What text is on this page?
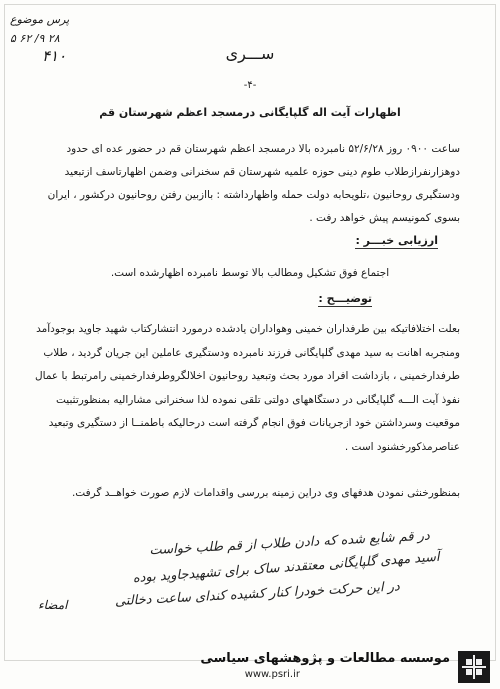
پرس موضوع ۲۸ ۹/ ۶۲ ۵
۴۱۰	ســـری
-۴-
اظهارات آیت اله گلپایگانی درمسجد اعظم شهرستان قم
ساعت ۰۹۰۰ روز ۵۲/۶/۲۸ نامبرده بالا درمسجد اعظم شهرستان قم در حضور عده ای حدود دوهزارنفرازطلاب طوم دینی حوزه علمیه شهرستان قم سخنرانی وضمن اظهارتاسف ازتبعید ودستگیری روحانیون ،تلویحابه دولت حمله واظهارداشته : باازبین رفتن روحانیون درکشور ، ایران بسوی کمونیسم پیش خواهد رفت .
ارزیابی خبـــر :
اجتماع فوق تشکیل ومطالب بالا توسط نامبرده اظهارشده است.
توضیـــح :
بعلت اختلافاتیکه بین طرفداران خمینی وهواداران یادشده درمورد انتشارکتاب شهید جاوید بوجودآمد ومنجربه اهانت به سید مهدی گلپایگانی فرزند نامبرده ودستگیری عاملین این جریان گردید ، طلاب طرفدارخمینی ، بازداشت افراد مورد بحث وتبعید روحانیون اخلالگروطرفدارخمینی رامرتبط با عمال نفوذ آیت الـــه گلپایگانی در دستگاههای دولتی تلقی نموده لذا سخنرانی مشارالیه بمنظورتثبیت موقعیت وسرداشتن خود ازجریانات فوق انجام گرفته است درحالیکه باطمنــا از دستگیری وتبعید عناصرمذکورخشنود است .
بمنظورخنثی نمودن هدفهای وی دراین زمینه بررسی واقدامات لازم صورت خواهــد گرفت.
در قم شایع شده که دادن طلاب از قم طلب خواست
آسید مهدی گلپایگانی معتقدند ساک برای تشهیدجاوید بوده
در این حرکت خودرا کنار کشیده کندای ساعت دخالتی
امضاء
موسسه مطالعات و پژوهشهای سیاسی
www.psri.ir
